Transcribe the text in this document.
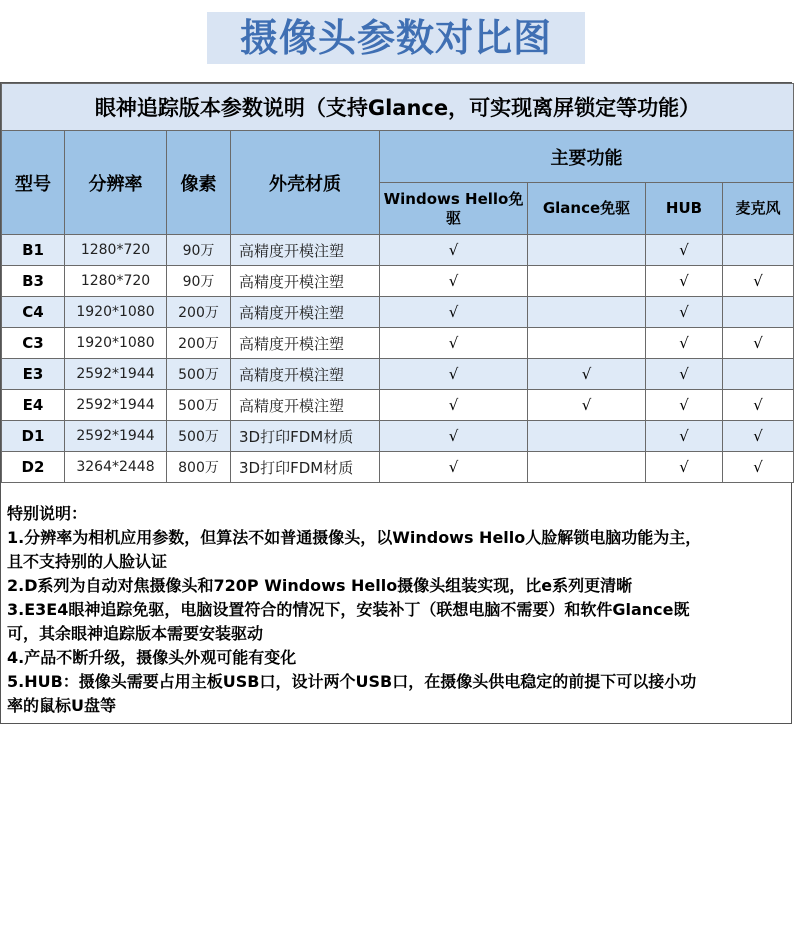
摄像头参数对比图
眼神追踪版本参数说明（支持Glance，可实现离屏锁定等功能）							
型号	分辨率	像素	外壳材质	主要功能			
				Windows Hello免驱	Glance免驱	HUB	麦克风
B1	1280*720	90万	高精度开模注塑	√		√	
B3	1280*720	90万	高精度开模注塑	√		√	√
C4	1920*1080	200万	高精度开模注塑	√		√	
C3	1920*1080	200万	高精度开模注塑	√		√	√
E3	2592*1944	500万	高精度开模注塑	√	√	√	
E4	2592*1944	500万	高精度开模注塑	√	√	√	√
D1	2592*1944	500万	3D打印FDM材质	√		√	√
D2	3264*2448	800万	3D打印FDM材质	√		√	√
特别说明：
1.分辨率为相机应用参数，但算法不如普通摄像头，以Windows Hello人脸解锁电脑功能为主，
且不支持别的人脸认证
2.D系列为自动对焦摄像头和720P Windows Hello摄像头组装实现，比e系列更清晰
3.E3E4眼神追踪免驱，电脑设置符合的情况下，安装补丁（联想电脑不需要）和软件Glance既
可，其余眼神追踪版本需要安装驱动
4.产品不断升级，摄像头外观可能有变化
5.HUB：摄像头需要占用主板USB口，设计两个USB口，在摄像头供电稳定的前提下可以接小功
率的鼠标U盘等
